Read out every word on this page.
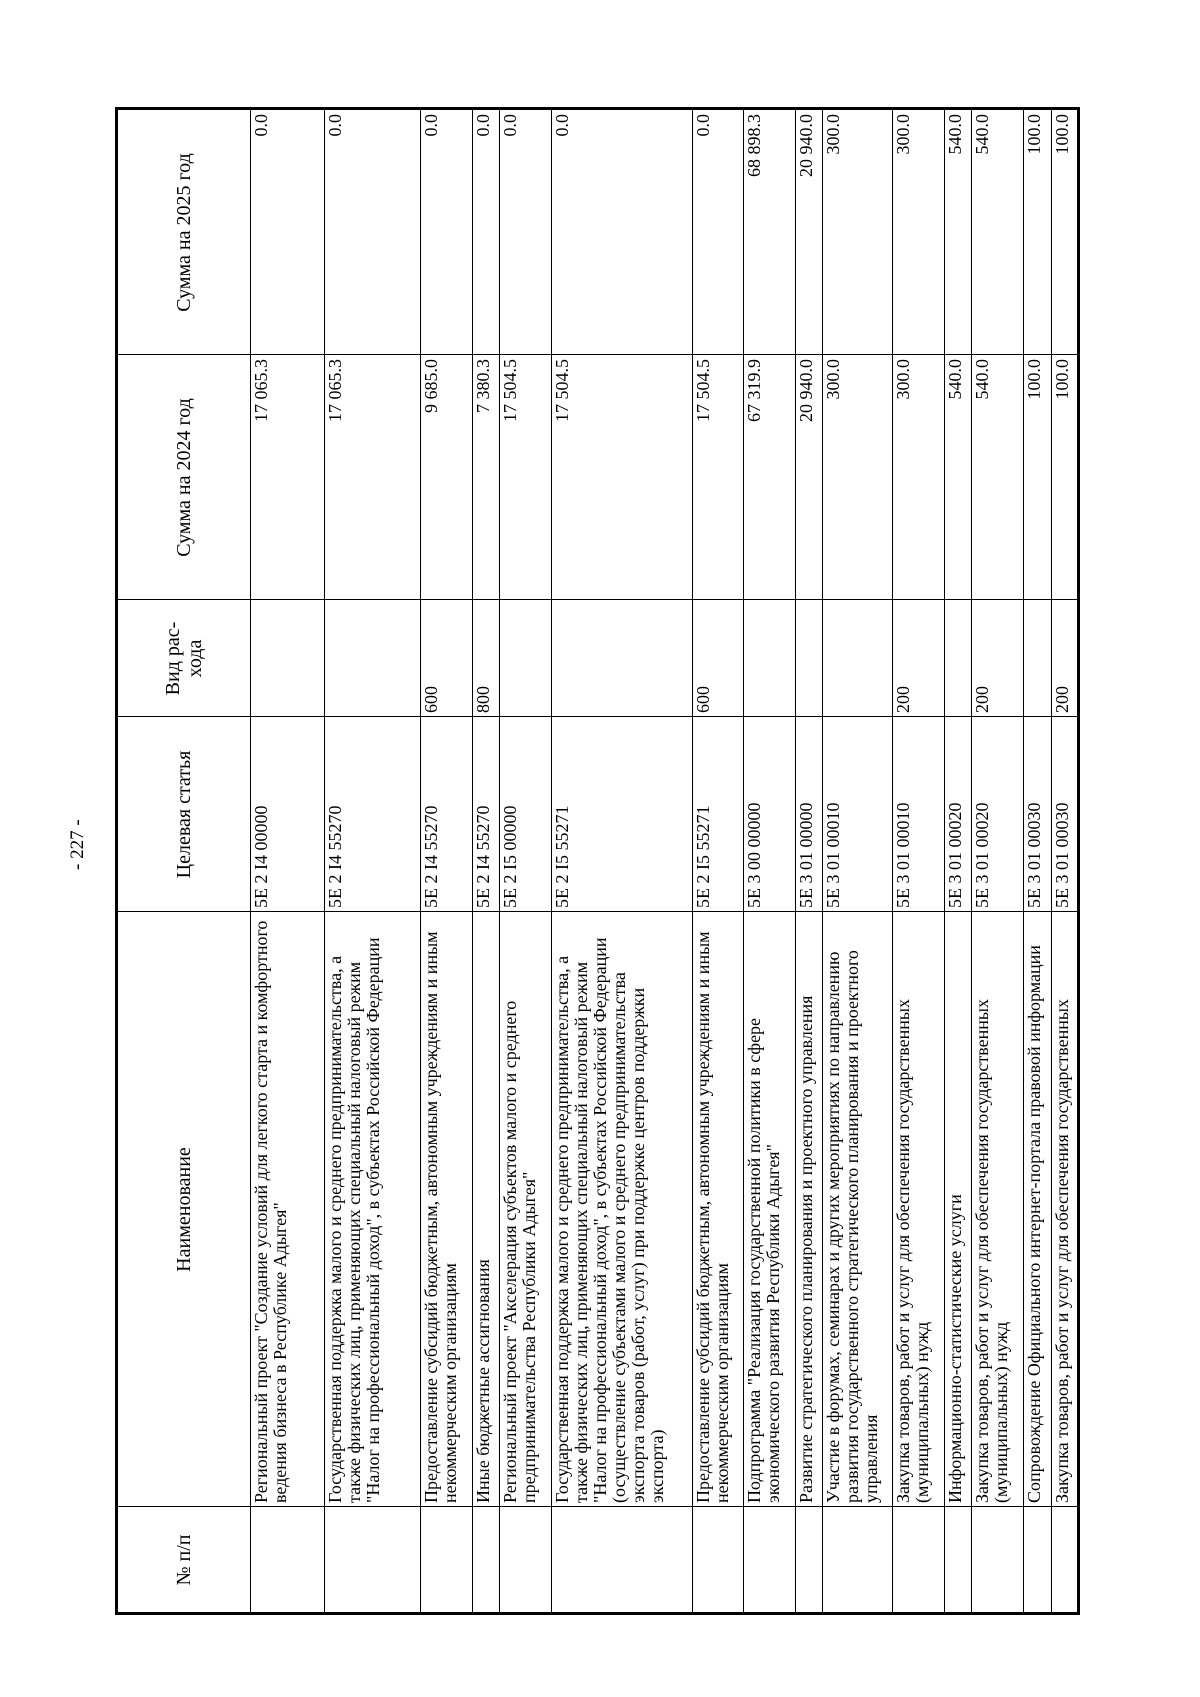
- 227 -
№ п/п	Наименование	Целевая статья	Вид рас-хода	Сумма на 2024 год	Сумма на 2025 год
	Региональный проект "Создание условий для легкого старта и комфортного ведения бизнеса в Республике Адыгея"	5Е 2 I4 00000		17 065.3	0.0
	Государственная поддержка малого и среднего предпринимательства, а также физических лиц, применяющих специальный налоговый режим "Налог на профессиональный доход", в субъектах Российской Федерации	5Е 2 I4 55270		17 065.3	0.0
	Предоставление субсидий бюджетным, автономным учреждениям и иным некоммерческим организациям	5Е 2 I4 55270	600	9 685.0	0.0
	Иные бюджетные ассигнования	5Е 2 I4 55270	800	7 380.3	0.0
	Региональный проект "Акселерация субъектов малого и среднего предпринимательства Республики Адыгея"	5Е 2 I5 00000		17 504.5	0.0
	Государственная поддержка малого и среднего предпринимательства, а также физических лиц, применяющих специальный налоговый режим "Налог на профессиональный доход", в субъектах Российской Федерации (осуществление субъектами малого и среднего предпринимательства экспорта товаров (работ, услуг) при поддержке центров поддержки экспорта)	5Е 2 I5 55271		17 504.5	0.0
	Предоставление субсидий бюджетным, автономным учреждениям и иным некоммерческим организациям	5Е 2 I5 55271	600	17 504.5	0.0
	Подпрограмма "Реализация государственной политики в сфере экономического развития Республики Адыгея"	5Е 3 00 00000		67 319.9	68 898.3
	Развитие стратегического планирования и проектного управления	5Е 3 01 00000		20 940.0	20 940.0
	Участие в форумах, семинарах и других мероприятиях по направлению развития государственного стратегического планирования и проектного управления	5Е 3 01 00010		300.0	300.0
	Закупка товаров, работ и услуг для обеспечения государственных (муниципальных) нужд	5Е 3 01 00010	200	300.0	300.0
	Информационно-статистические услуги	5Е 3 01 00020		540.0	540.0
	Закупка товаров, работ и услуг для обеспечения государственных (муниципальных) нужд	5Е 3 01 00020	200	540.0	540.0
	Сопровождение Официального интернет-портала правовой информации	5Е 3 01 00030		100.0	100.0
	Закупка товаров, работ и услуг для обеспечения государственных	5Е 3 01 00030	200	100.0	100.0
